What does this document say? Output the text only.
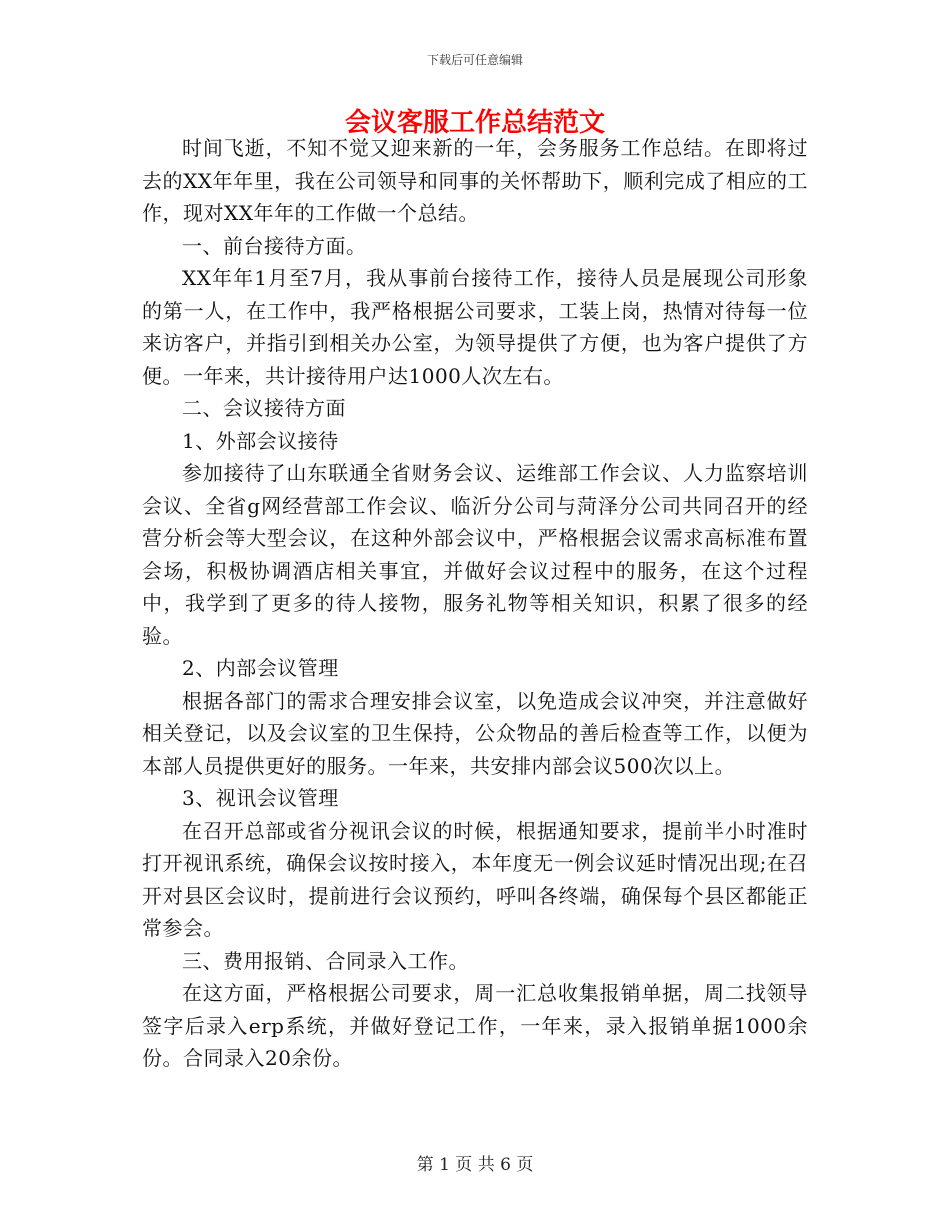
下载后可任意编辑
会议客服工作总结范文

时间飞逝，不知不觉又迎来新的一年，会务服务工作总结。在即将过去的XX年年里，我在公司领导和同事的关怀帮助下，顺利完成了相应的工作，现对XX年年的工作做一个总结。

一、前台接待方面。

XX年年1月至7月，我从事前台接待工作，接待人员是展现公司形象的第一人，在工作中，我严格根据公司要求，工装上岗，热情对待每一位来访客户，并指引到相关办公室，为领导提供了方便，也为客户提供了方便。一年来，共计接待用户达1000人次左右。

二、会议接待方面

1、外部会议接待

参加接待了山东联通全省财务会议、运维部工作会议、人力监察培训会议、全省g网经营部工作会议、临沂分公司与菏泽分公司共同召开的经营分析会等大型会议，在这种外部会议中，严格根据会议需求高标准布置会场，积极协调酒店相关事宜，并做好会议过程中的服务，在这个过程中，我学到了更多的待人接物，服务礼物等相关知识，积累了很多的经验。

2、内部会议管理

根据各部门的需求合理安排会议室，以免造成会议冲突，并注意做好相关登记，以及会议室的卫生保持，公众物品的善后检查等工作，以便为本部人员提供更好的服务。一年来，共安排内部会议500次以上。

3、视讯会议管理

在召开总部或省分视讯会议的时候，根据通知要求，提前半小时准时打开视讯系统，确保会议按时接入，本年度无一例会议延时情况出现;在召开对县区会议时，提前进行会议预约，呼叫各终端，确保每个县区都能正常参会。

三、费用报销、合同录入工作。

在这方面，严格根据公司要求，周一汇总收集报销单据，周二找领导签字后录入erp系统，并做好登记工作，一年来，录入报销单据1000余份。合同录入20余份。

第 1 页 共 6 页
